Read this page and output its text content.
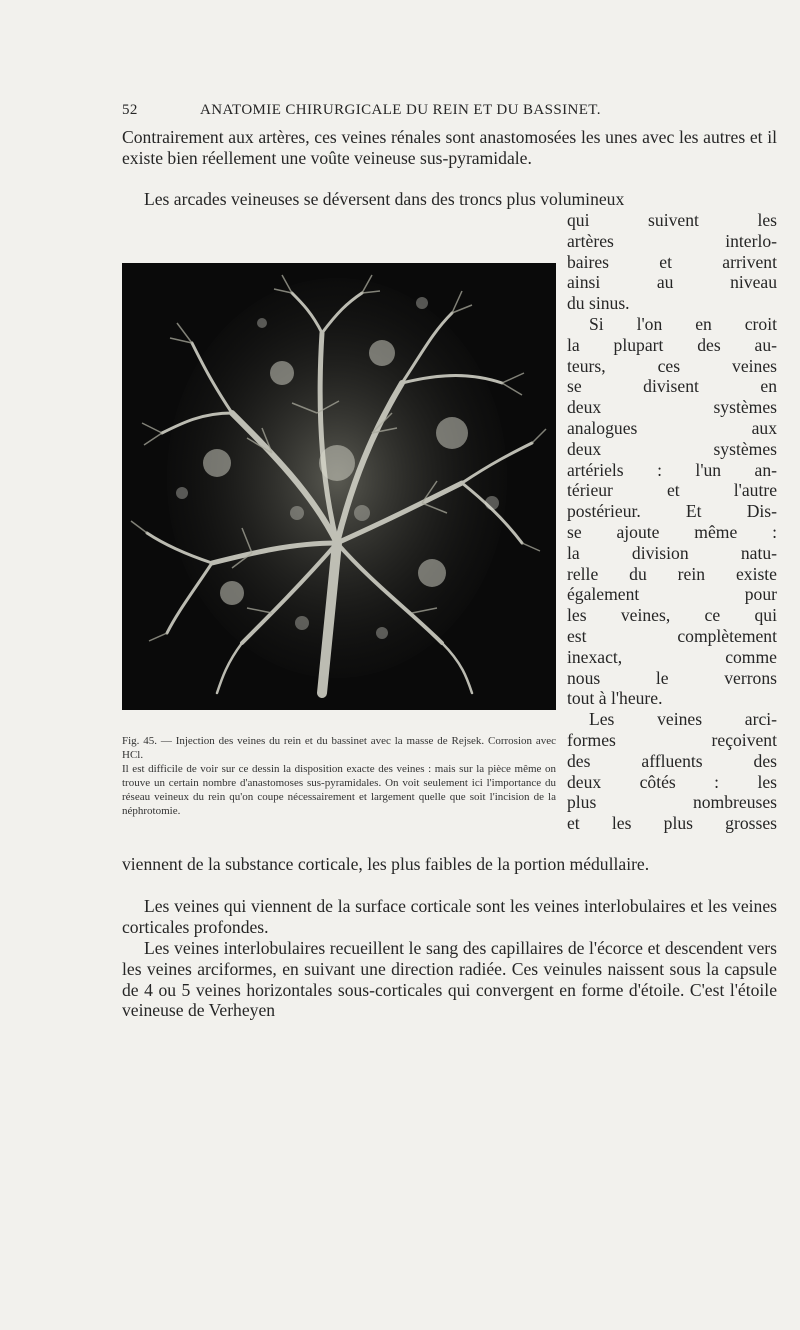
52	ANATOMIE CHIRURGICALE DU REIN ET DU BASSINET.

Contrairement aux artères, ces veines rénales sont anastomosées les unes avec les autres et il existe bien réellement une voûte veineuse sus-pyramidale.

Les arcades veineuses se déversent dans des troncs plus volumineux

qui suivent les
artères interlo-
baires et arrivent
ainsi au niveau
du sinus.
Si l'on en croit
la plupart des au-
teurs, ces veines
se divisent en
deux systèmes
analogues aux
deux systèmes
artériels : l'un an-
térieur et l'autre
postérieur. Et Dis-
se ajoute même :
la division natu-
relle du rein existe
également pour
les veines, ce qui
est complètement
inexact, comme
nous le verrons
tout à l'heure.
Les veines arci-
formes reçoivent
des affluents des
deux côtés : les
plus nombreuses
et les plus grosses
Fig. 45. — Injection des veines du rein et du bassinet avec la masse de Rejsek. Corrosion avec HCl.
Il est difficile de voir sur ce dessin la disposition exacte des veines : mais sur la pièce même on trouve un certain nombre d'anastomoses sus-pyramidales. On voit seulement ici l'importance du réseau veineux du rein qu'on coupe nécessairement et largement quelle que soit l'incision de la néphrotomie.

viennent de la substance corticale, les plus faibles de la portion médullaire.

Les veines qui viennent de la surface corticale sont les veines interlobulaires et les veines corticales profondes.

Les veines interlobulaires recueillent le sang des capillaires de l'écorce et descendent vers les veines arciformes, en suivant une direction radiée. Ces veinules naissent sous la capsule de 4 ou 5 veines horizontales sous-corticales qui convergent en forme d'étoile. C'est l'étoile veineuse de Verheyen
